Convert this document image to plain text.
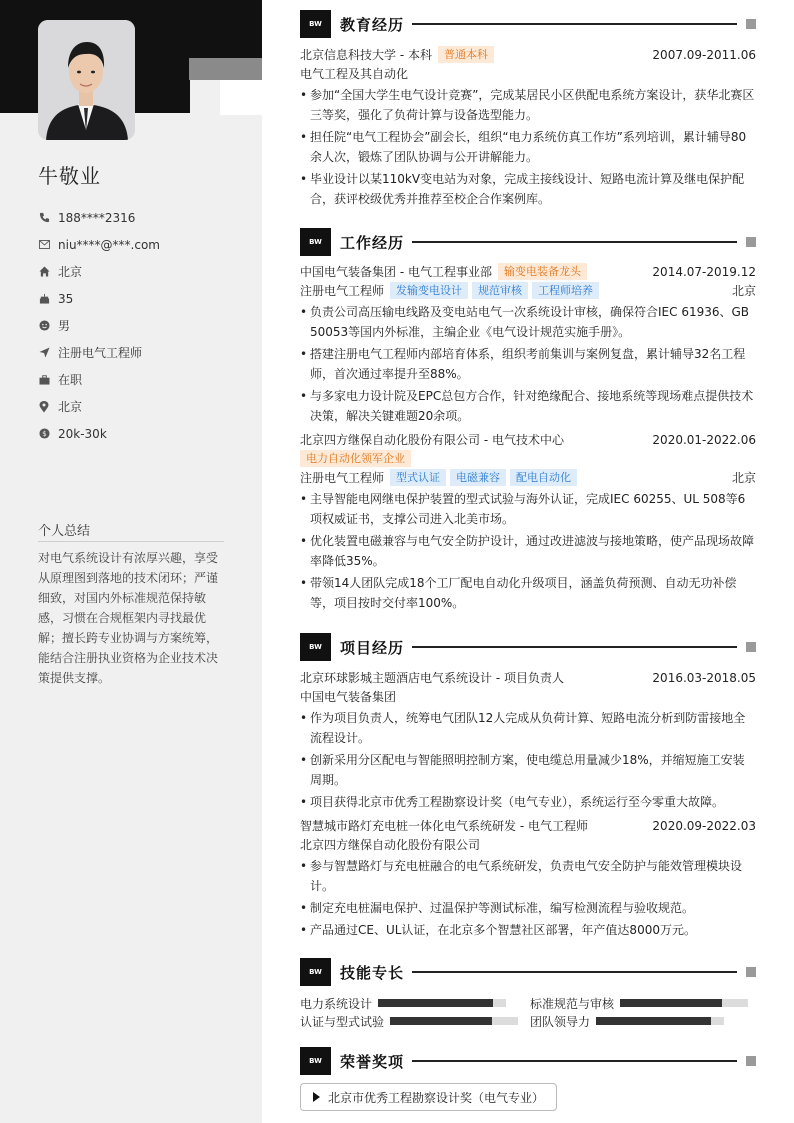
牛敬业
188****2316
niu****@***.com
北京
35
男
注册电气工程师
在职
北京
$ 20k-30k
个人总结
对电气系统设计有浓厚兴趣，享受从原理图到落地的技术闭环；严谨细致，对国内外标准规范保持敏感，习惯在合规框架内寻找最优解；擅长跨专业协调与方案统筹，能结合注册执业资格为企业技术决策提供支撑。
BW	教育经历
北京信息科技大学 - 本科	普通本科	2007.09-2011.06
电气工程及其自动化
• 参加“全国大学生电气设计竞赛”，完成某居民小区供配电系统方案设计，获华北赛区三等奖，强化了负荷计算与设备选型能力。
• 担任院“电气工程协会”副会长，组织“电力系统仿真工作坊”系列培训，累计辅导80余人次，锻炼了团队协调与公开讲解能力。
• 毕业设计以某110kV变电站为对象，完成主接线设计、短路电流计算及继电保护配合，获评校级优秀并推荐至校企合作案例库。
BW	工作经历
中国电气装备集团 - 电气工程事业部	输变电装备龙头	2014.07-2019.12
注册电气工程师	发输变电设计	规范审核	工程师培养	北京
• 负责公司高压输电线路及变电站电气一次系统设计审核，确保符合IEC 61936、GB 50053等国内外标准，主编企业《电气设计规范实施手册》。
• 搭建注册电气工程师内部培育体系，组织考前集训与案例复盘，累计辅导32名工程师，首次通过率提升至88%。
• 与多家电力设计院及EPC总包方合作，针对绝缘配合、接地系统等现场难点提供技术决策，解决关键难题20余项。
北京四方继保自动化股份有限公司 - 电气技术中心	2020.01-2022.06
电力自动化领军企业
注册电气工程师	型式认证	电磁兼容	配电自动化	北京
• 主导智能电网继电保护装置的型式试验与海外认证，完成IEC 60255、UL 508等6项权威证书，支撑公司进入北美市场。
• 优化装置电磁兼容与电气安全防护设计，通过改进滤波与接地策略，使产品现场故障率降低35%。
• 带领14人团队完成18个工厂配电自动化升级项目，涵盖负荷预测、自动无功补偿等，项目按时交付率100%。
BW	项目经历
北京环球影城主题酒店电气系统设计 - 项目负责人	2016.03-2018.05
中国电气装备集团
• 作为项目负责人，统筹电气团队12人完成从负荷计算、短路电流分析到防雷接地全流程设计。
• 创新采用分区配电与智能照明控制方案，使电缆总用量减少18%，并缩短施工安装周期。
• 项目获得北京市优秀工程勘察设计奖（电气专业），系统运行至今零重大故障。
智慧城市路灯充电桩一体化电气系统研发 - 电气工程师	2020.09-2022.03
北京四方继保自动化股份有限公司
• 参与智慧路灯与充电桩融合的电气系统研发，负责电气安全防护与能效管理模块设计。
• 制定充电桩漏电保护、过温保护等测试标准，编写检测流程与验收规范。
• 产品通过CE、UL认证，在北京多个智慧社区部署，年产值达8000万元。
BW	技能专长
电力系统设计	标准规范与审核
认证与型式试验	团队领导力
BW	荣誉奖项
北京市优秀工程勘察设计奖（电气专业）
